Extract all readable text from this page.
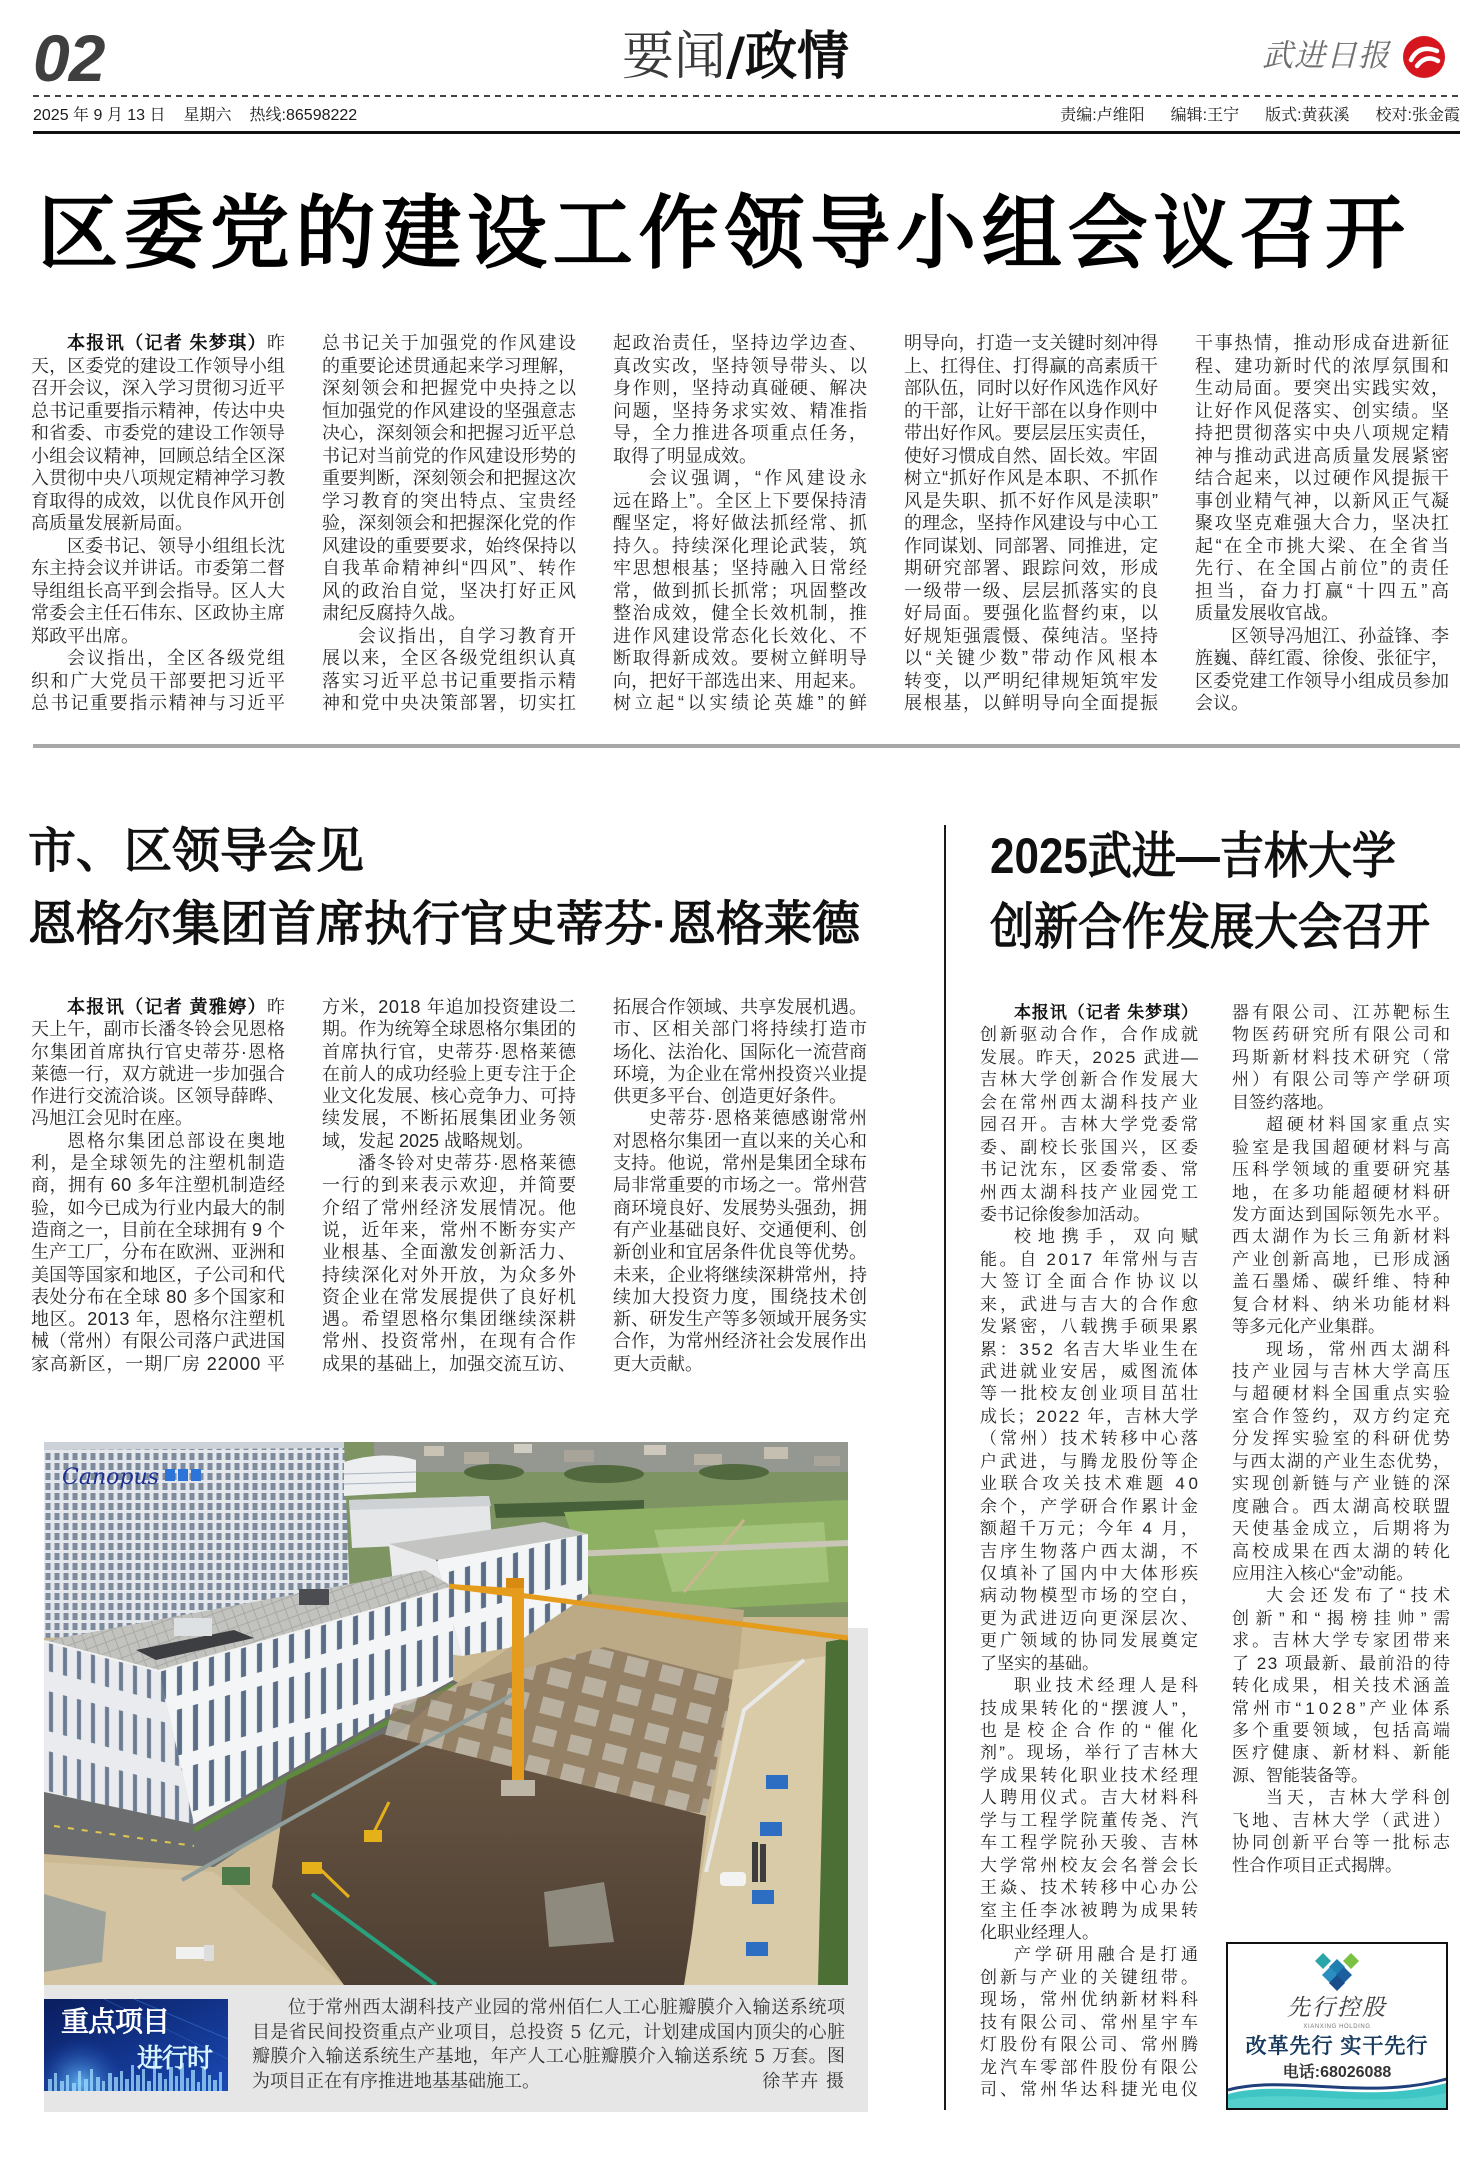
02	要闻/政情	武进日报
2025 年 9 月 13 日 星期六 热线:86598222	责编:卢维阳 编辑:王宁 版式:黄荻溪 校对:张金霞
区委党的建设工作领导小组会议召开
本报讯（记者 朱梦琪）昨
天，区委党的建设工作领导小组
召开会议，深入学习贯彻习近平
总书记重要指示精神，传达中央
和省委、市委党的建设工作领导
小组会议精神，回顾总结全区深
入贯彻中央八项规定精神学习教
育取得的成效，以优良作风开创
高质量发展新局面。
区委书记、领导小组组长沈
东主持会议并讲话。市委第二督
导组组长高平到会指导。区人大
常委会主任石伟东、区政协主席
郑政平出席。
会议指出，全区各级党组
织和广大党员干部要把习近平
总书记重要指示精神与习近平
总书记关于加强党的作风建设
的重要论述贯通起来学习理解，
深刻领会和把握党中央持之以
恒加强党的作风建设的坚强意志
决心，深刻领会和把握习近平总
书记对当前党的作风建设形势的
重要判断，深刻领会和把握这次
学习教育的突出特点、宝贵经
验，深刻领会和把握深化党的作
风建设的重要要求，始终保持以
自我革命精神纠“四风”、转作
风的政治自觉，坚决打好正风
肃纪反腐持久战。
会议指出，自学习教育开
展以来，全区各级党组织认真
落实习近平总书记重要指示精
神和党中央决策部署，切实扛
起政治责任，坚持边学边查、
真改实改，坚持领导带头、以
身作则，坚持动真碰硬、解决
问题，坚持务求实效、精准指
导，全力推进各项重点任务，
取得了明显成效。
会议强调，“作风建设永
远在路上”。全区上下要保持清
醒坚定，将好做法抓经常、抓
持久。持续深化理论武装，筑
牢思想根基；坚持融入日常经
常，做到抓长抓常；巩固整改
整治成效，健全长效机制，推
进作风建设常态化长效化、不
断取得新成效。要树立鲜明导
向，把好干部选出来、用起来。
树立起“以实绩论英雄”的鲜
明导向，打造一支关键时刻冲得
上、扛得住、打得赢的高素质干
部队伍，同时以好作风选作风好
的干部，让好干部在以身作则中
带出好作风。要层层压实责任，
使好习惯成自然、固长效。牢固
树立“抓好作风是本职、不抓作
风是失职、抓不好作风是渎职”
的理念，坚持作风建设与中心工
作同谋划、同部署、同推进，定
期研究部署、跟踪问效，形成
一级带一级、层层抓落实的良
好局面。要强化监督约束，以
好规矩强震慑、葆纯洁。坚持
以“关键少数”带动作风根本
转变，以严明纪律规矩筑牢发
展根基，以鲜明导向全面提振
干事热情，推动形成奋进新征
程、建功新时代的浓厚氛围和
生动局面。要突出实践实效，
让好作风促落实、创实绩。坚
持把贯彻落实中央八项规定精
神与推动武进高质量发展紧密
结合起来，以过硬作风提振干
事创业精气神，以新风正气凝
聚攻坚克难强大合力，坚决扛
起“在全市挑大梁、在全省当
先行、在全国占前位”的责任
担当，奋力打赢“十四五”高
质量发展收官战。
区领导冯旭江、孙益锋、李
旌巍、薛红霞、徐俊、张征宇，
区委党建工作领导小组成员参加
会议。
市、区领导会见
恩格尔集团首席执行官史蒂芬·恩格莱德
本报讯（记者 黄雅婷）昨
天上午，副市长潘冬铃会见恩格
尔集团首席执行官史蒂芬·恩格
莱德一行，双方就进一步加强合
作进行交流洽谈。区领导薛晔、
冯旭江会见时在座。
恩格尔集团总部设在奥地
利，是全球领先的注塑机制造
商，拥有 60 多年注塑机制造经
验，如今已成为行业内最大的制
造商之一，目前在全球拥有 9 个
生产工厂，分布在欧洲、亚洲和
美国等国家和地区，子公司和代
表处分布在全球 80 多个国家和
地区。2013 年，恩格尔注塑机
械（常州）有限公司落户武进国
家高新区，一期厂房 22000 平
方米，2018 年追加投资建设二
期。作为统筹全球恩格尔集团的
首席执行官，史蒂芬·恩格莱德
在前人的成功经验上更专注于企
业文化发展、核心竞争力、可持
续发展，不断拓展集团业务领
域，发起 2025 战略规划。
潘冬铃对史蒂芬·恩格莱德
一行的到来表示欢迎，并简要
介绍了常州经济发展情况。他
说，近年来，常州不断夯实产
业根基、全面激发创新活力、
持续深化对外开放，为众多外
资企业在常发展提供了良好机
遇。希望恩格尔集团继续深耕
常州、投资常州，在现有合作
成果的基础上，加强交流互访、
拓展合作领域、共享发展机遇。
市、区相关部门将持续打造市
场化、法治化、国际化一流营商
环境，为企业在常州投资兴业提
供更多平台、创造更好条件。
史蒂芬·恩格莱德感谢常州
对恩格尔集团一直以来的关心和
支持。他说，常州是集团全球布
局非常重要的市场之一。常州营
商环境良好、发展势头强劲，拥
有产业基础良好、交通便利、创
新创业和宜居条件优良等优势。
未来，企业将继续深耕常州，持
续加大投资力度，围绕技术创
新、研发生产等多领域开展务实
合作，为常州经济社会发展作出
更大贡献。
2025武进—吉林大学
创新合作发展大会召开
本报讯（记者 朱梦琪）
创新驱动合作，合作成就
发展。昨天，2025 武进—
吉林大学创新合作发展大
会在常州西太湖科技产业
园召开。吉林大学党委常
委、副校长张国兴，区委
书记沈东，区委常委、常
州西太湖科技产业园党工
委书记徐俊参加活动。
校地携手，双向赋
能。自 2017 年常州与吉
大签订全面合作协议以
来，武进与吉大的合作愈
发紧密，八载携手硕果累
累：352 名吉大毕业生在
武进就业安居，威图流体
等一批校友创业项目茁壮
成长；2022 年，吉林大学
（常州）技术转移中心落
户武进，与腾龙股份等企
业联合攻关技术难题 40
余个，产学研合作累计金
额超千万元；今年 4 月，
吉序生物落户西太湖，不
仅填补了国内中大体形疾
病动物模型市场的空白，
更为武进迈向更深层次、
更广领域的协同发展奠定
了坚实的基础。
职业技术经理人是科
技成果转化的“摆渡人”，
也是校企合作的“催化
剂”。现场，举行了吉林大
学成果转化职业技术经理
人聘用仪式。吉大材料科
学与工程学院董传尧、汽
车工程学院孙天骏、吉林
大学常州校友会名誉会长
王焱、技术转移中心办公
室主任李冰被聘为成果转
化职业经理人。
产学研用融合是打通
创新与产业的关键纽带。
现场，常州优纳新材料科
技有限公司、常州星宇车
灯股份有限公司、常州腾
龙汽车零部件股份有限公
司、常州华达科捷光电仪
器有限公司、江苏靶标生
物医药研究所有限公司和
玛斯新材料技术研究（常
州）有限公司等产学研项
目签约落地。
超硬材料国家重点实
验室是我国超硬材料与高
压科学领域的重要研究基
地，在多功能超硬材料研
发方面达到国际领先水平。
西太湖作为长三角新材料
产业创新高地，已形成涵
盖石墨烯、碳纤维、特种
复合材料、纳米功能材料
等多元化产业集群。
现场，常州西太湖科
技产业园与吉林大学高压
与超硬材料全国重点实验
室合作签约，双方约定充
分发挥实验室的科研优势
与西太湖的产业生态优势，
实现创新链与产业链的深
度融合。西太湖高校联盟
天使基金成立，后期将为
高校成果在西太湖的转化
应用注入核心“金”动能。
大会还发布了“技术
创新”和“揭榜挂帅”需
求。吉林大学专家团带来
了 23 项最新、最前沿的待
转化成果，相关技术涵盖
常州市“1028”产业体系
多个重要领域，包括高端
医疗健康、新材料、新能
源、智能装备等。
当天，吉林大学科创
飞地、吉林大学（武进）
协同创新平台等一批标志
性合作项目正式揭牌。
Canopus
重点项目
进行时
位于常州西太湖科技产业园的常州佰仁人工心脏瓣膜介入输送系统项
目是省民间投资重点产业项目，总投资 5 亿元，计划建成国内顶尖的心脏
瓣膜介入输送系统生产基地，年产人工心脏瓣膜介入输送系统 5 万套。图
为项目正在有序推进地基基础施工。	徐芊卉 摄
先行控股
XIANXING HOLDING
改革先行 实干先行
电话:68026088
